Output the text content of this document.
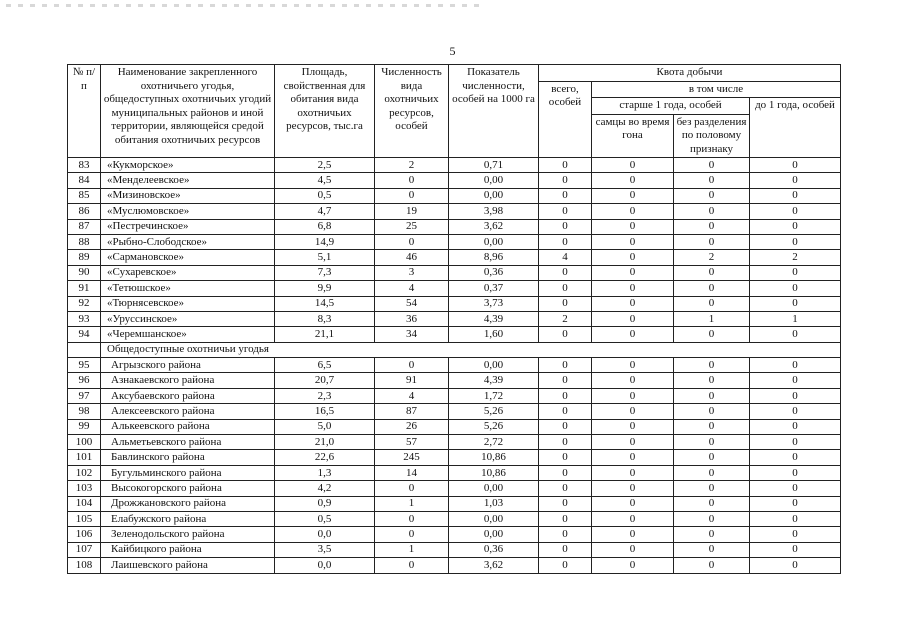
5
№ п/п	Наименование закрепленного охотничьего угодья, общедоступных охотничьих угодий муниципальных районов и иной территории, являющейся средой обитания охотничьих ресурсов	Площадь, свойственная для обитания вида охотничьих ресурсов, тыс.га	Численность вида охотничьих ресурсов, особей	Показатель численности, особей на 1000 га	Квота добычи			
					всего, особей	в том числе		
						старше 1 года, особей		до 1 года, особей
						самцы во время гона	без разделения по половому признаку	
83	«Кукморское»	2,5	2	0,71	0	0	0	0
84	«Менделеевское»	4,5	0	0,00	0	0	0	0
85	«Мизиновское»	0,5	0	0,00	0	0	0	0
86	«Муслюмовское»	4,7	19	3,98	0	0	0	0
87	«Пестречинское»	6,8	25	3,62	0	0	0	0
88	«Рыбно-Слободское»	14,9	0	0,00	0	0	0	0
89	«Сармановское»	5,1	46	8,96	4	0	2	2
90	«Сухаревское»	7,3	3	0,36	0	0	0	0
91	«Тетюшское»	9,9	4	0,37	0	0	0	0
92	«Тюрнясевское»	14,5	54	3,73	0	0	0	0
93	«Уруссинское»	8,3	36	4,39	2	0	1	1
94	«Черемшанское»	21,1	34	1,60	0	0	0	0
	Общедоступные охотничьи угодья							
95	Агрызского района	6,5	0	0,00	0	0	0	0
96	Азнакаевского района	20,7	91	4,39	0	0	0	0
97	Аксубаевского района	2,3	4	1,72	0	0	0	0
98	Алексеевского района	16,5	87	5,26	0	0	0	0
99	Алькеевского района	5,0	26	5,26	0	0	0	0
100	Альметьевского района	21,0	57	2,72	0	0	0	0
101	Бавлинского района	22,6	245	10,86	0	0	0	0
102	Бугульминского района	1,3	14	10,86	0	0	0	0
103	Высокогорского района	4,2	0	0,00	0	0	0	0
104	Дрожжановского района	0,9	1	1,03	0	0	0	0
105	Елабужского района	0,5	0	0,00	0	0	0	0
106	Зеленодольского района	0,0	0	0,00	0	0	0	0
107	Кайбицкого района	3,5	1	0,36	0	0	0	0
108	Лаишевского района	0,0	0	3,62	0	0	0	0
